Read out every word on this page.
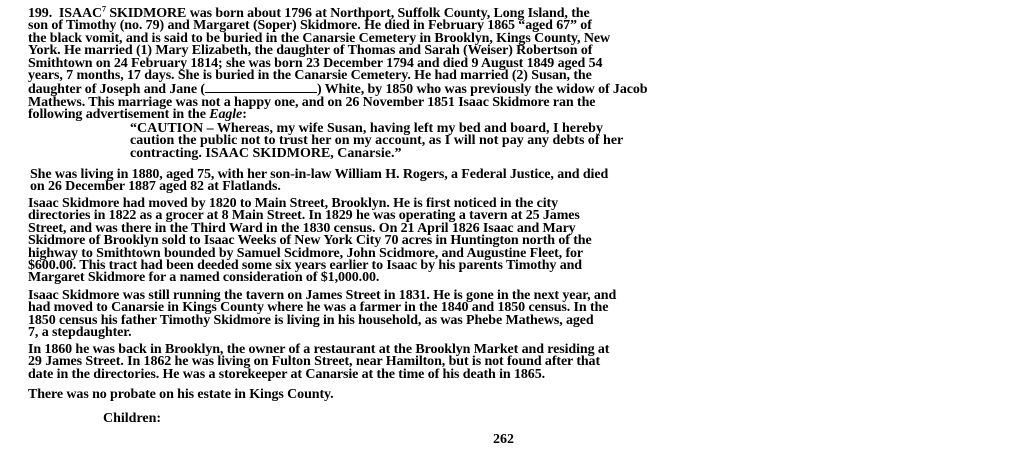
199. ISAAC$^7$ SKIDMORE was born about 1796 at Northport, Suffolk County, Long Island, the
son of Timothy (no. 79) and Margaret (Soper) Skidmore. He died in February 1865 “aged 67” of
the black vomit, and is said to be buried in the Canarsie Cemetery in Brooklyn, Kings County, New
York. He married (1) Mary Elizabeth, the daughter of Thomas and Sarah (Weiser) Robertson of
Smithtown on 24 February 1814; she was born 23 December 1794 and died 9 August 1849 aged 54
years, 7 months, 17 days. She is buried in the Canarsie Cemetery. He had married (2) Susan, the
daughter of Joseph and Jane (	) White, by 1850 who was previously the widow of Jacob
Mathews. This marriage was not a happy one, and on 26 November 1851 Isaac Skidmore ran the
following advertisement in the Eagle:

“CAUTION – Whereas, my wife Susan, having left my bed and board, I hereby
caution the public not to trust her on my account, as I will not pay any debts of her
contracting. ISAAC SKIDMORE, Canarsie.”

She was living in 1880, aged 75, with her son-in-law William H. Rogers, a Federal Justice, and died
on 26 December 1887 aged 82 at Flatlands.

Isaac Skidmore had moved by 1820 to Main Street, Brooklyn. He is first noticed in the city
directories in 1822 as a grocer at 8 Main Street. In 1829 he was operating a tavern at 25 James
Street, and was there in the Third Ward in the 1830 census. On 21 April 1826 Isaac and Mary
Skidmore of Brooklyn sold to Isaac Weeks of New York City 70 acres in Huntington north of the
highway to Smithtown bounded by Samuel Scidmore, John Scidmore, and Augustine Fleet, for
$600.00. This tract had been deeded some six years earlier to Isaac by his parents Timothy and
Margaret Skidmore for a named consideration of $1,000.00.

Isaac Skidmore was still running the tavern on James Street in 1831. He is gone in the next year, and
had moved to Canarsie in Kings County where he was a farmer in the 1840 and 1850 census. In the
1850 census his father Timothy Skidmore is living in his household, as was Phebe Mathews, aged
7, a stepdaughter.

In 1860 he was back in Brooklyn, the owner of a restaurant at the Brooklyn Market and residing at
29 James Street. In 1862 he was living on Fulton Street, near Hamilton, but is not found after that
date in the directories. He was a storekeeper at Canarsie at the time of his death in 1865.

There was no probate on his estate in Kings County.

Children:

262
